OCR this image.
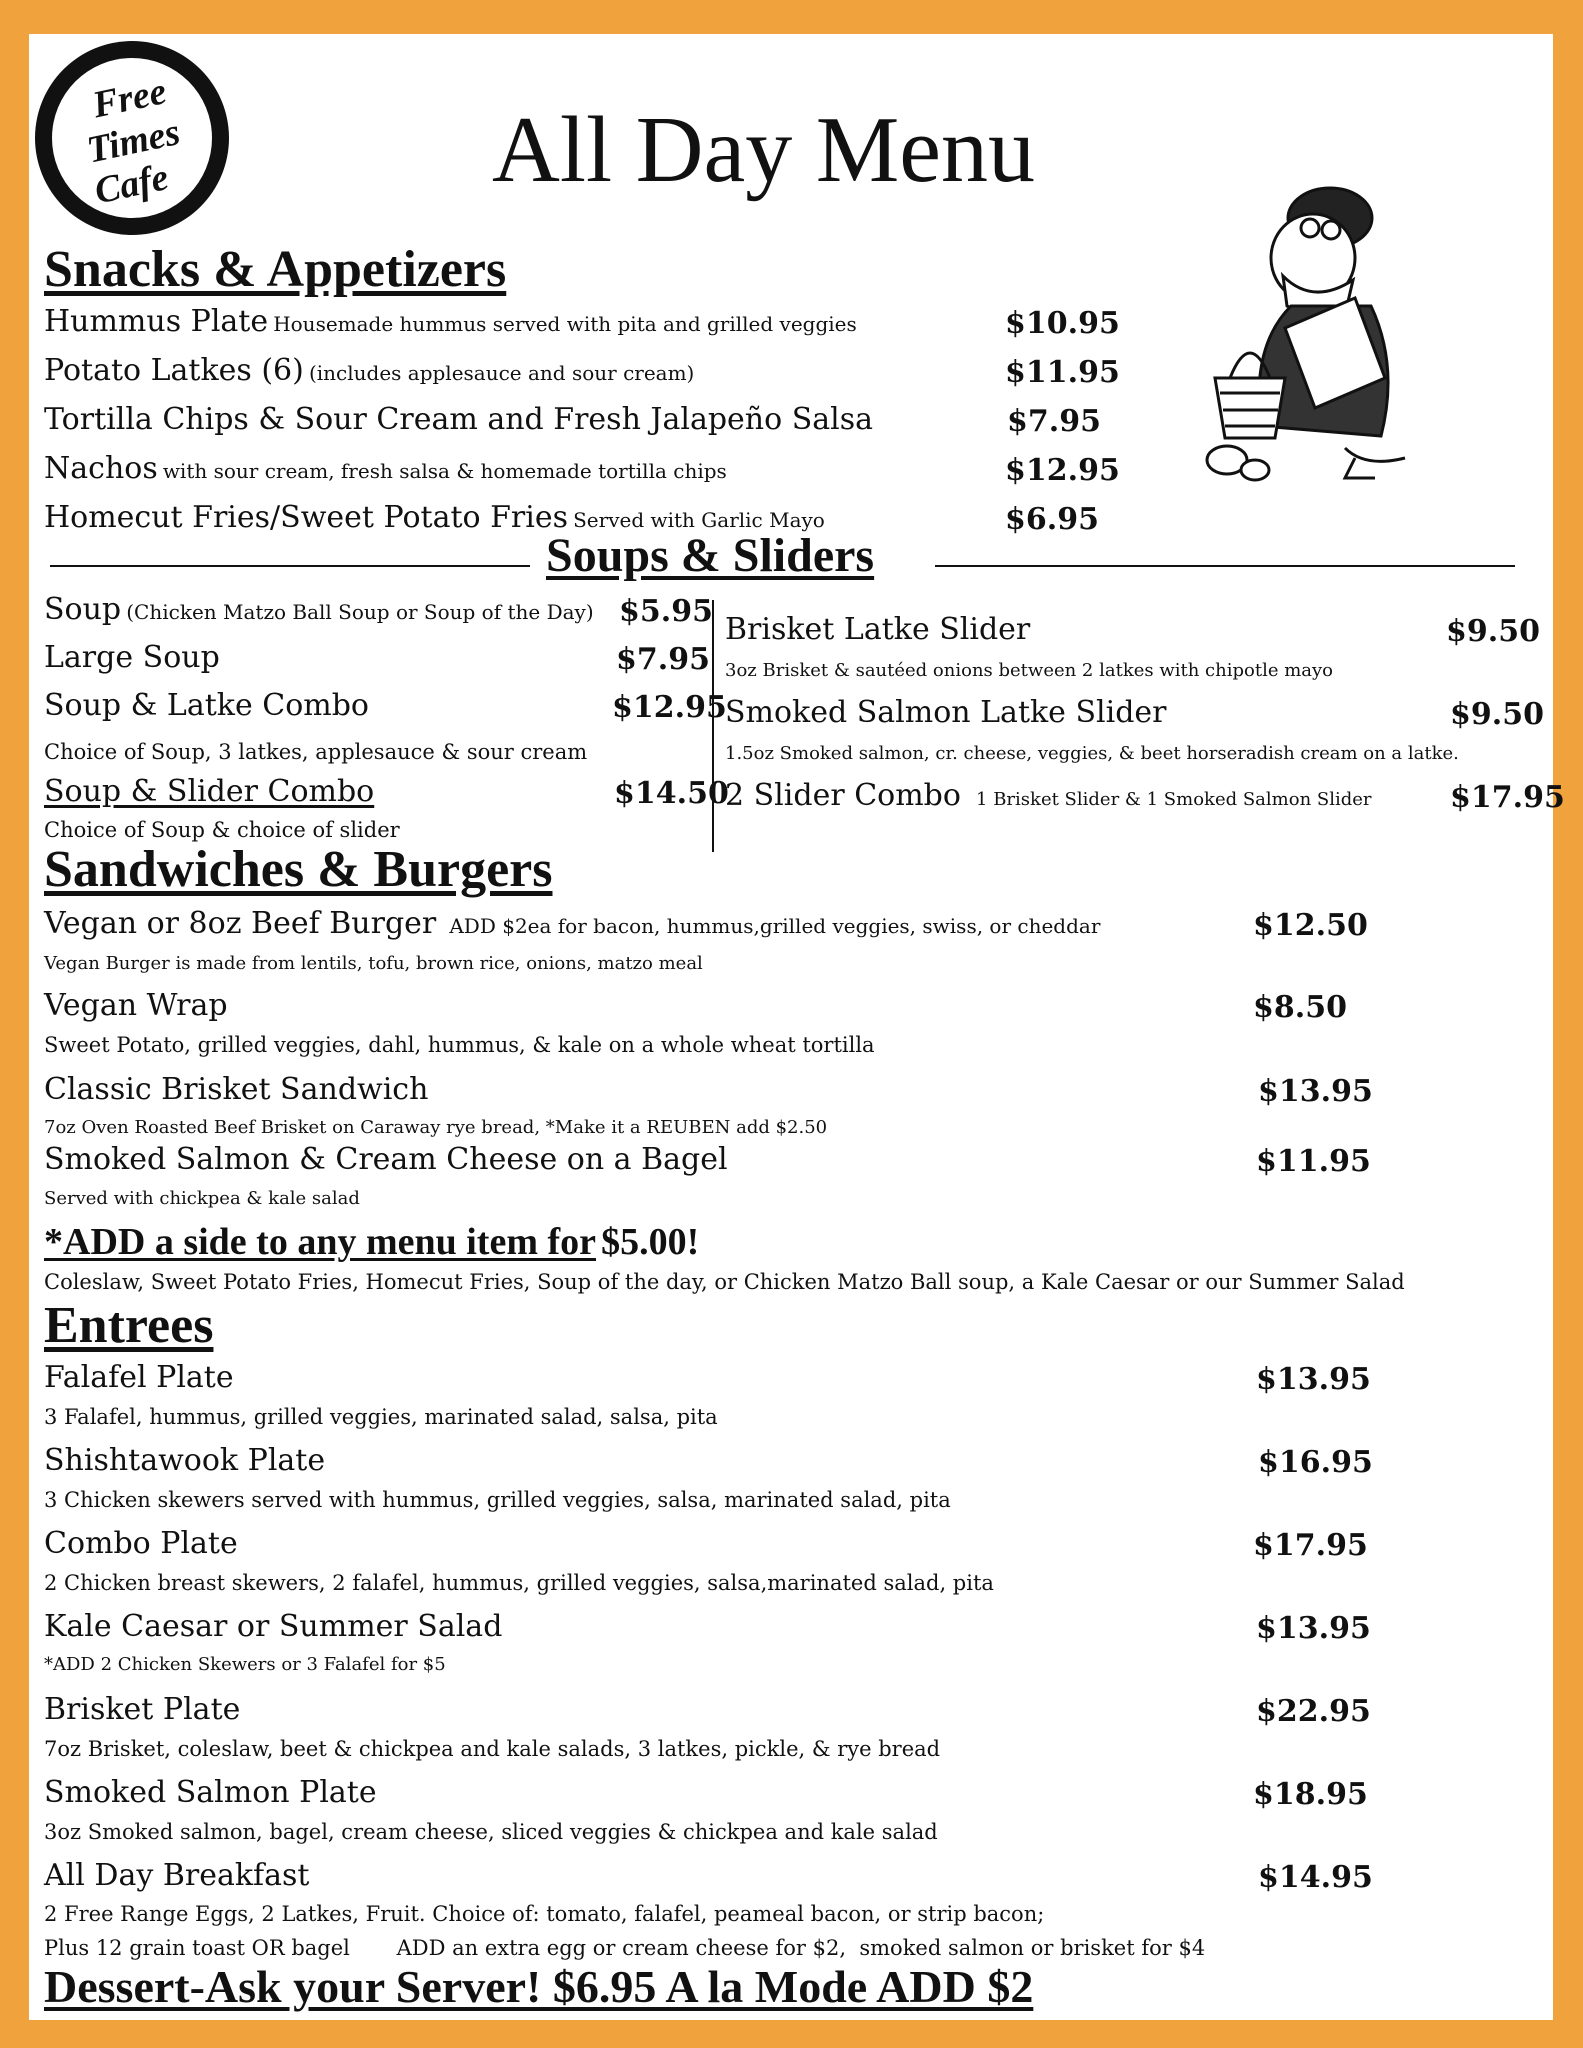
Free
Times
Cafe	All Day Menu
Snacks & Appetizers
Hummus Plate Housemade hummus served with pita and grilled veggies	$10.95
Potato Latkes (6) (includes applesauce and sour cream)	$11.95
Tortilla Chips & Sour Cream and Fresh Jalapeño Salsa	$7.95
Nachos with sour cream, fresh salsa & homemade tortilla chips	$12.95
Homecut Fries/Sweet Potato Fries Served with Garlic Mayo	$6.95
Soups & Sliders
Soup (Chicken Matzo Ball Soup or Soup of the Day) $5.95
Large Soup	$7.95
Soup & Latke Combo	$12.95
Choice of Soup, 3 latkes, applesauce & sour cream
Soup & Slider Combo	$14.50
Choice of Soup & choice of slider
Brisket Latke Slider	$9.50
3oz Brisket & sautéed onions between 2 latkes with chipotle mayo
Smoked Salmon Latke Slider	$9.50
1.5oz Smoked salmon, cr. cheese, veggies, & beet horseradish cream on a latke.
2 Slider Combo 1 Brisket Slider & 1 Smoked Salmon Slider	$17.95
Sandwiches & Burgers
Vegan or 8oz Beef Burger ADD $2ea for bacon, hummus,grilled veggies, swiss, or cheddar	$12.50
Vegan Burger is made from lentils, tofu, brown rice, onions, matzo meal
Vegan Wrap	$8.50
Sweet Potato, grilled veggies, dahl, hummus, & kale on a whole wheat tortilla
Classic Brisket Sandwich	$13.95
7oz Oven Roasted Beef Brisket on Caraway rye bread, *Make it a REUBEN add $2.50
Smoked Salmon & Cream Cheese on a Bagel	$11.95
Served with chickpea & kale salad
*ADD a side to any menu item for $5.00!
Coleslaw, Sweet Potato Fries, Homecut Fries, Soup of the day, or Chicken Matzo Ball soup, a Kale Caesar or our Summer Salad
Entrees
Falafel Plate	$13.95
3 Falafel, hummus, grilled veggies, marinated salad, salsa, pita
Shishtawook Plate	$16.95
3 Chicken skewers served with hummus, grilled veggies, salsa, marinated salad, pita
Combo Plate	$17.95
2 Chicken breast skewers, 2 falafel, hummus, grilled veggies, salsa,marinated salad, pita
Kale Caesar or Summer Salad	$13.95
*ADD 2 Chicken Skewers or 3 Falafel for $5
Brisket Plate	$22.95
7oz Brisket, coleslaw, beet & chickpea and kale salads, 3 latkes, pickle, & rye bread
Smoked Salmon Plate	$18.95
3oz Smoked salmon, bagel, cream cheese, sliced veggies & chickpea and kale salad
All Day Breakfast	$14.95
2 Free Range Eggs, 2 Latkes, Fruit. Choice of: tomato, falafel, peameal bacon, or strip bacon;
Plus 12 grain toast OR bagel       ADD an extra egg or cream cheese for $2,  smoked salmon or brisket for $4
Dessert-Ask your Server! $6.95 A la Mode ADD $2
